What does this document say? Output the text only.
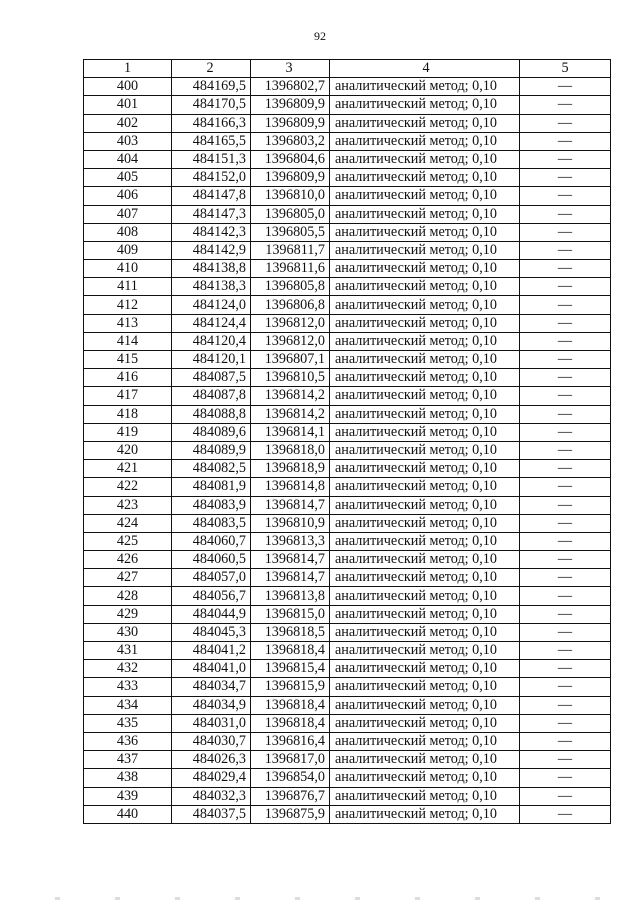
92
1	2	3	4	5
400	484169,5	1396802,7	аналитический метод; 0,10	—
401	484170,5	1396809,9	аналитический метод; 0,10	—
402	484166,3	1396809,9	аналитический метод; 0,10	—
403	484165,5	1396803,2	аналитический метод; 0,10	—
404	484151,3	1396804,6	аналитический метод; 0,10	—
405	484152,0	1396809,9	аналитический метод; 0,10	—
406	484147,8	1396810,0	аналитический метод; 0,10	—
407	484147,3	1396805,0	аналитический метод; 0,10	—
408	484142,3	1396805,5	аналитический метод; 0,10	—
409	484142,9	1396811,7	аналитический метод; 0,10	—
410	484138,8	1396811,6	аналитический метод; 0,10	—
411	484138,3	1396805,8	аналитический метод; 0,10	—
412	484124,0	1396806,8	аналитический метод; 0,10	—
413	484124,4	1396812,0	аналитический метод; 0,10	—
414	484120,4	1396812,0	аналитический метод; 0,10	—
415	484120,1	1396807,1	аналитический метод; 0,10	—
416	484087,5	1396810,5	аналитический метод; 0,10	—
417	484087,8	1396814,2	аналитический метод; 0,10	—
418	484088,8	1396814,2	аналитический метод; 0,10	—
419	484089,6	1396814,1	аналитический метод; 0,10	—
420	484089,9	1396818,0	аналитический метод; 0,10	—
421	484082,5	1396818,9	аналитический метод; 0,10	—
422	484081,9	1396814,8	аналитический метод; 0,10	—
423	484083,9	1396814,7	аналитический метод; 0,10	—
424	484083,5	1396810,9	аналитический метод; 0,10	—
425	484060,7	1396813,3	аналитический метод; 0,10	—
426	484060,5	1396814,7	аналитический метод; 0,10	—
427	484057,0	1396814,7	аналитический метод; 0,10	—
428	484056,7	1396813,8	аналитический метод; 0,10	—
429	484044,9	1396815,0	аналитический метод; 0,10	—
430	484045,3	1396818,5	аналитический метод; 0,10	—
431	484041,2	1396818,4	аналитический метод; 0,10	—
432	484041,0	1396815,4	аналитический метод; 0,10	—
433	484034,7	1396815,9	аналитический метод; 0,10	—
434	484034,9	1396818,4	аналитический метод; 0,10	—
435	484031,0	1396818,4	аналитический метод; 0,10	—
436	484030,7	1396816,4	аналитический метод; 0,10	—
437	484026,3	1396817,0	аналитический метод; 0,10	—
438	484029,4	1396854,0	аналитический метод; 0,10	—
439	484032,3	1396876,7	аналитический метод; 0,10	—
440	484037,5	1396875,9	аналитический метод; 0,10	—
